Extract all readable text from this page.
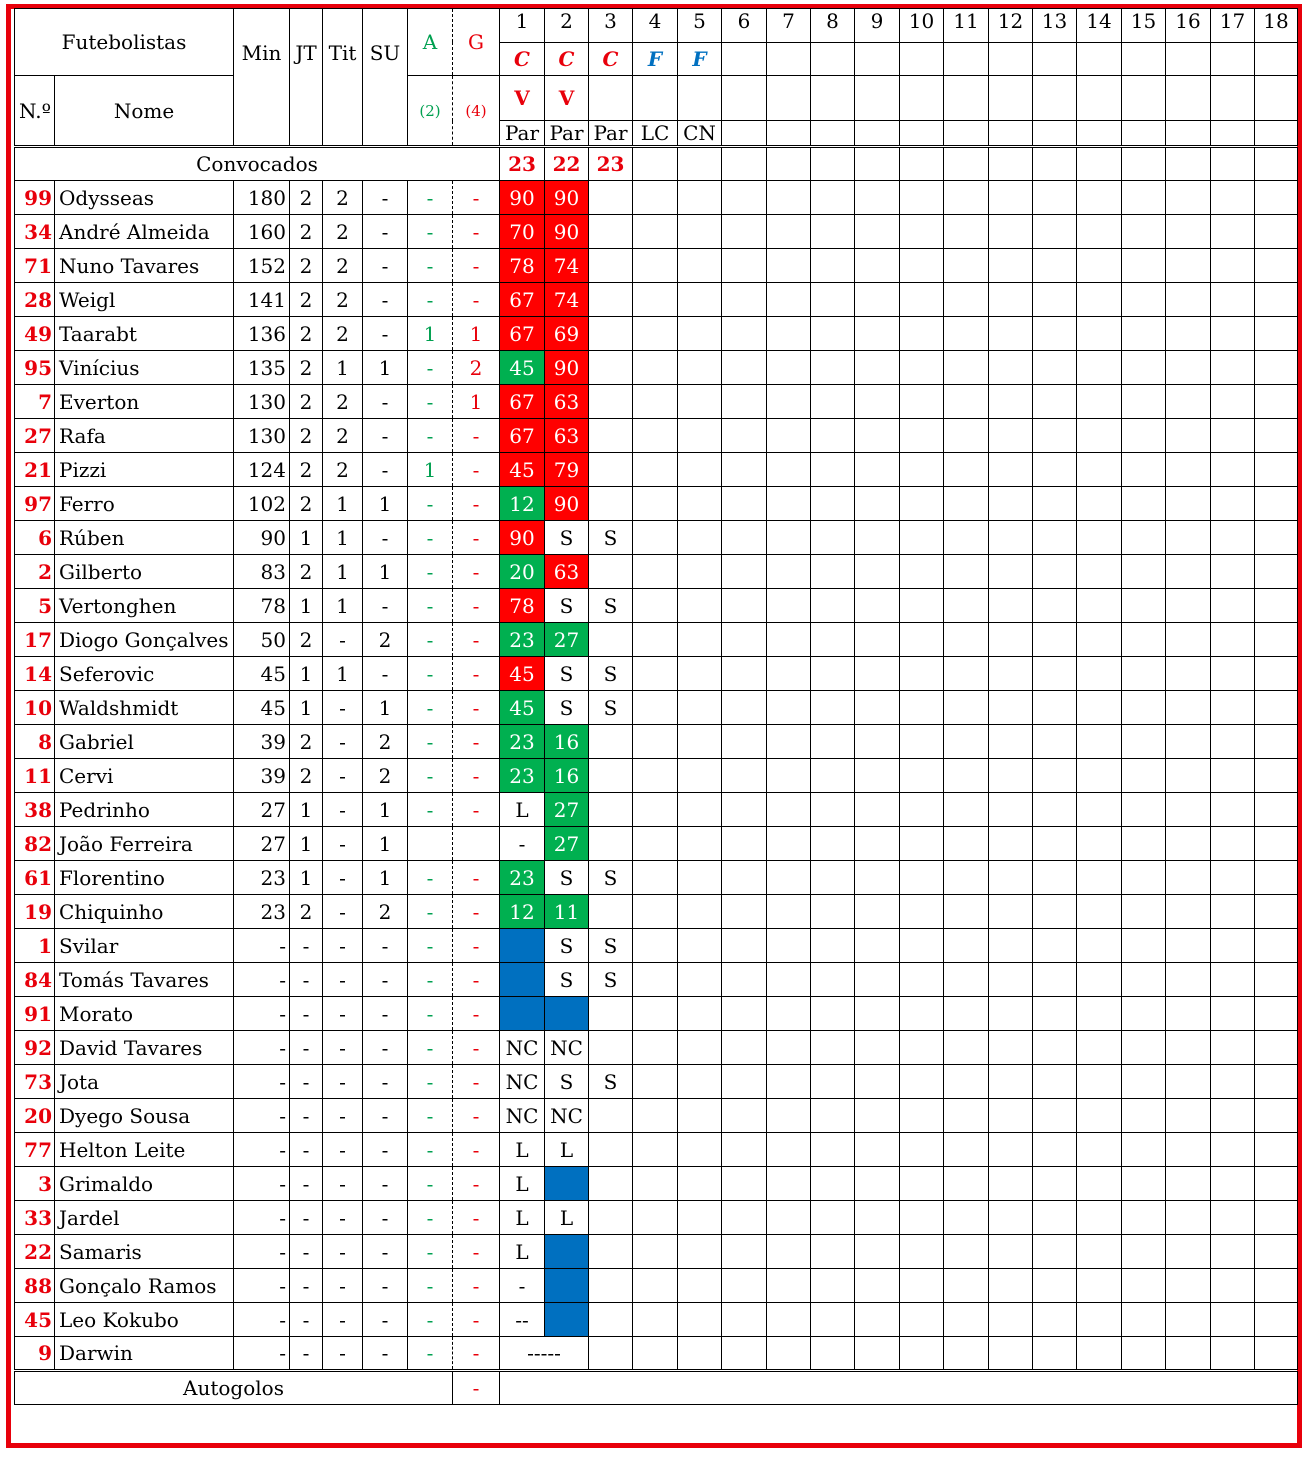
Futebolistas		Min	JT	Tit	SU	A	G	1	2	3	4	5	6	7	8	9	10	11	12	13	14	15	16	17	18
								C	C	C	F	F													
N.º	Nome					(2)	(4)	V	V																
								Par	Par	Par	LC	CN													
Convocados								23	22	23															
99	Odysseas	180	2	2	-	-	-	90	90																
34	André Almeida	160	2	2	-	-	-	70	90																
71	Nuno Tavares	152	2	2	-	-	-	78	74																
28	Weigl	141	2	2	-	-	-	67	74																
49	Taarabt	136	2	2	-	1	1	67	69																
95	Vinícius	135	2	1	1	-	2	45	90																
7	Everton	130	2	2	-	-	1	67	63																
27	Rafa	130	2	2	-	-	-	67	63																
21	Pizzi	124	2	2	-	1	-	45	79																
97	Ferro	102	2	1	1	-	-	12	90																
6	Rúben	90	1	1	-	-	-	90	S	S															
2	Gilberto	83	2	1	1	-	-	20	63																
5	Vertonghen	78	1	1	-	-	-	78	S	S															
17	Diogo Gonçalves	50	2	-	2	-	-	23	27																
14	Seferovic	45	1	1	-	-	-	45	S	S															
10	Waldshmidt	45	1	-	1	-	-	45	S	S															
8	Gabriel	39	2	-	2	-	-	23	16																
11	Cervi	39	2	-	2	-	-	23	16																
38	Pedrinho	27	1	-	1	-	-	L	27																
82	João Ferreira	27	1	-	1			-	27																
61	Florentino	23	1	-	1	-	-	23	S	S															
19	Chiquinho	23	2	-	2	-	-	12	11																
1	Svilar	-	-	-	-	-	-		S	S															
84	Tomás Tavares	-	-	-	-	-	-		S	S															
91	Morato	-	-	-	-	-	-																		
92	David Tavares	-	-	-	-	-	-	NC	NC																
73	Jota	-	-	-	-	-	-	NC	S	S															
20	Dyego Sousa	-	-	-	-	-	-	NC	NC																
77	Helton Leite	-	-	-	-	-	-	L	L																
3	Grimaldo	-	-	-	-	-	-	L																	
33	Jardel	-	-	-	-	-	-	L	L																
22	Samaris	-	-	-	-	-	-	L																	
88	Gonçalo Ramos	-	-	-	-	-	-	-																	
45	Leo Kokubo	-	-	-	-	-	-	--																	
9	Darwin	-	-	-	-	-	-	-----																	
Autogolos							-																		
